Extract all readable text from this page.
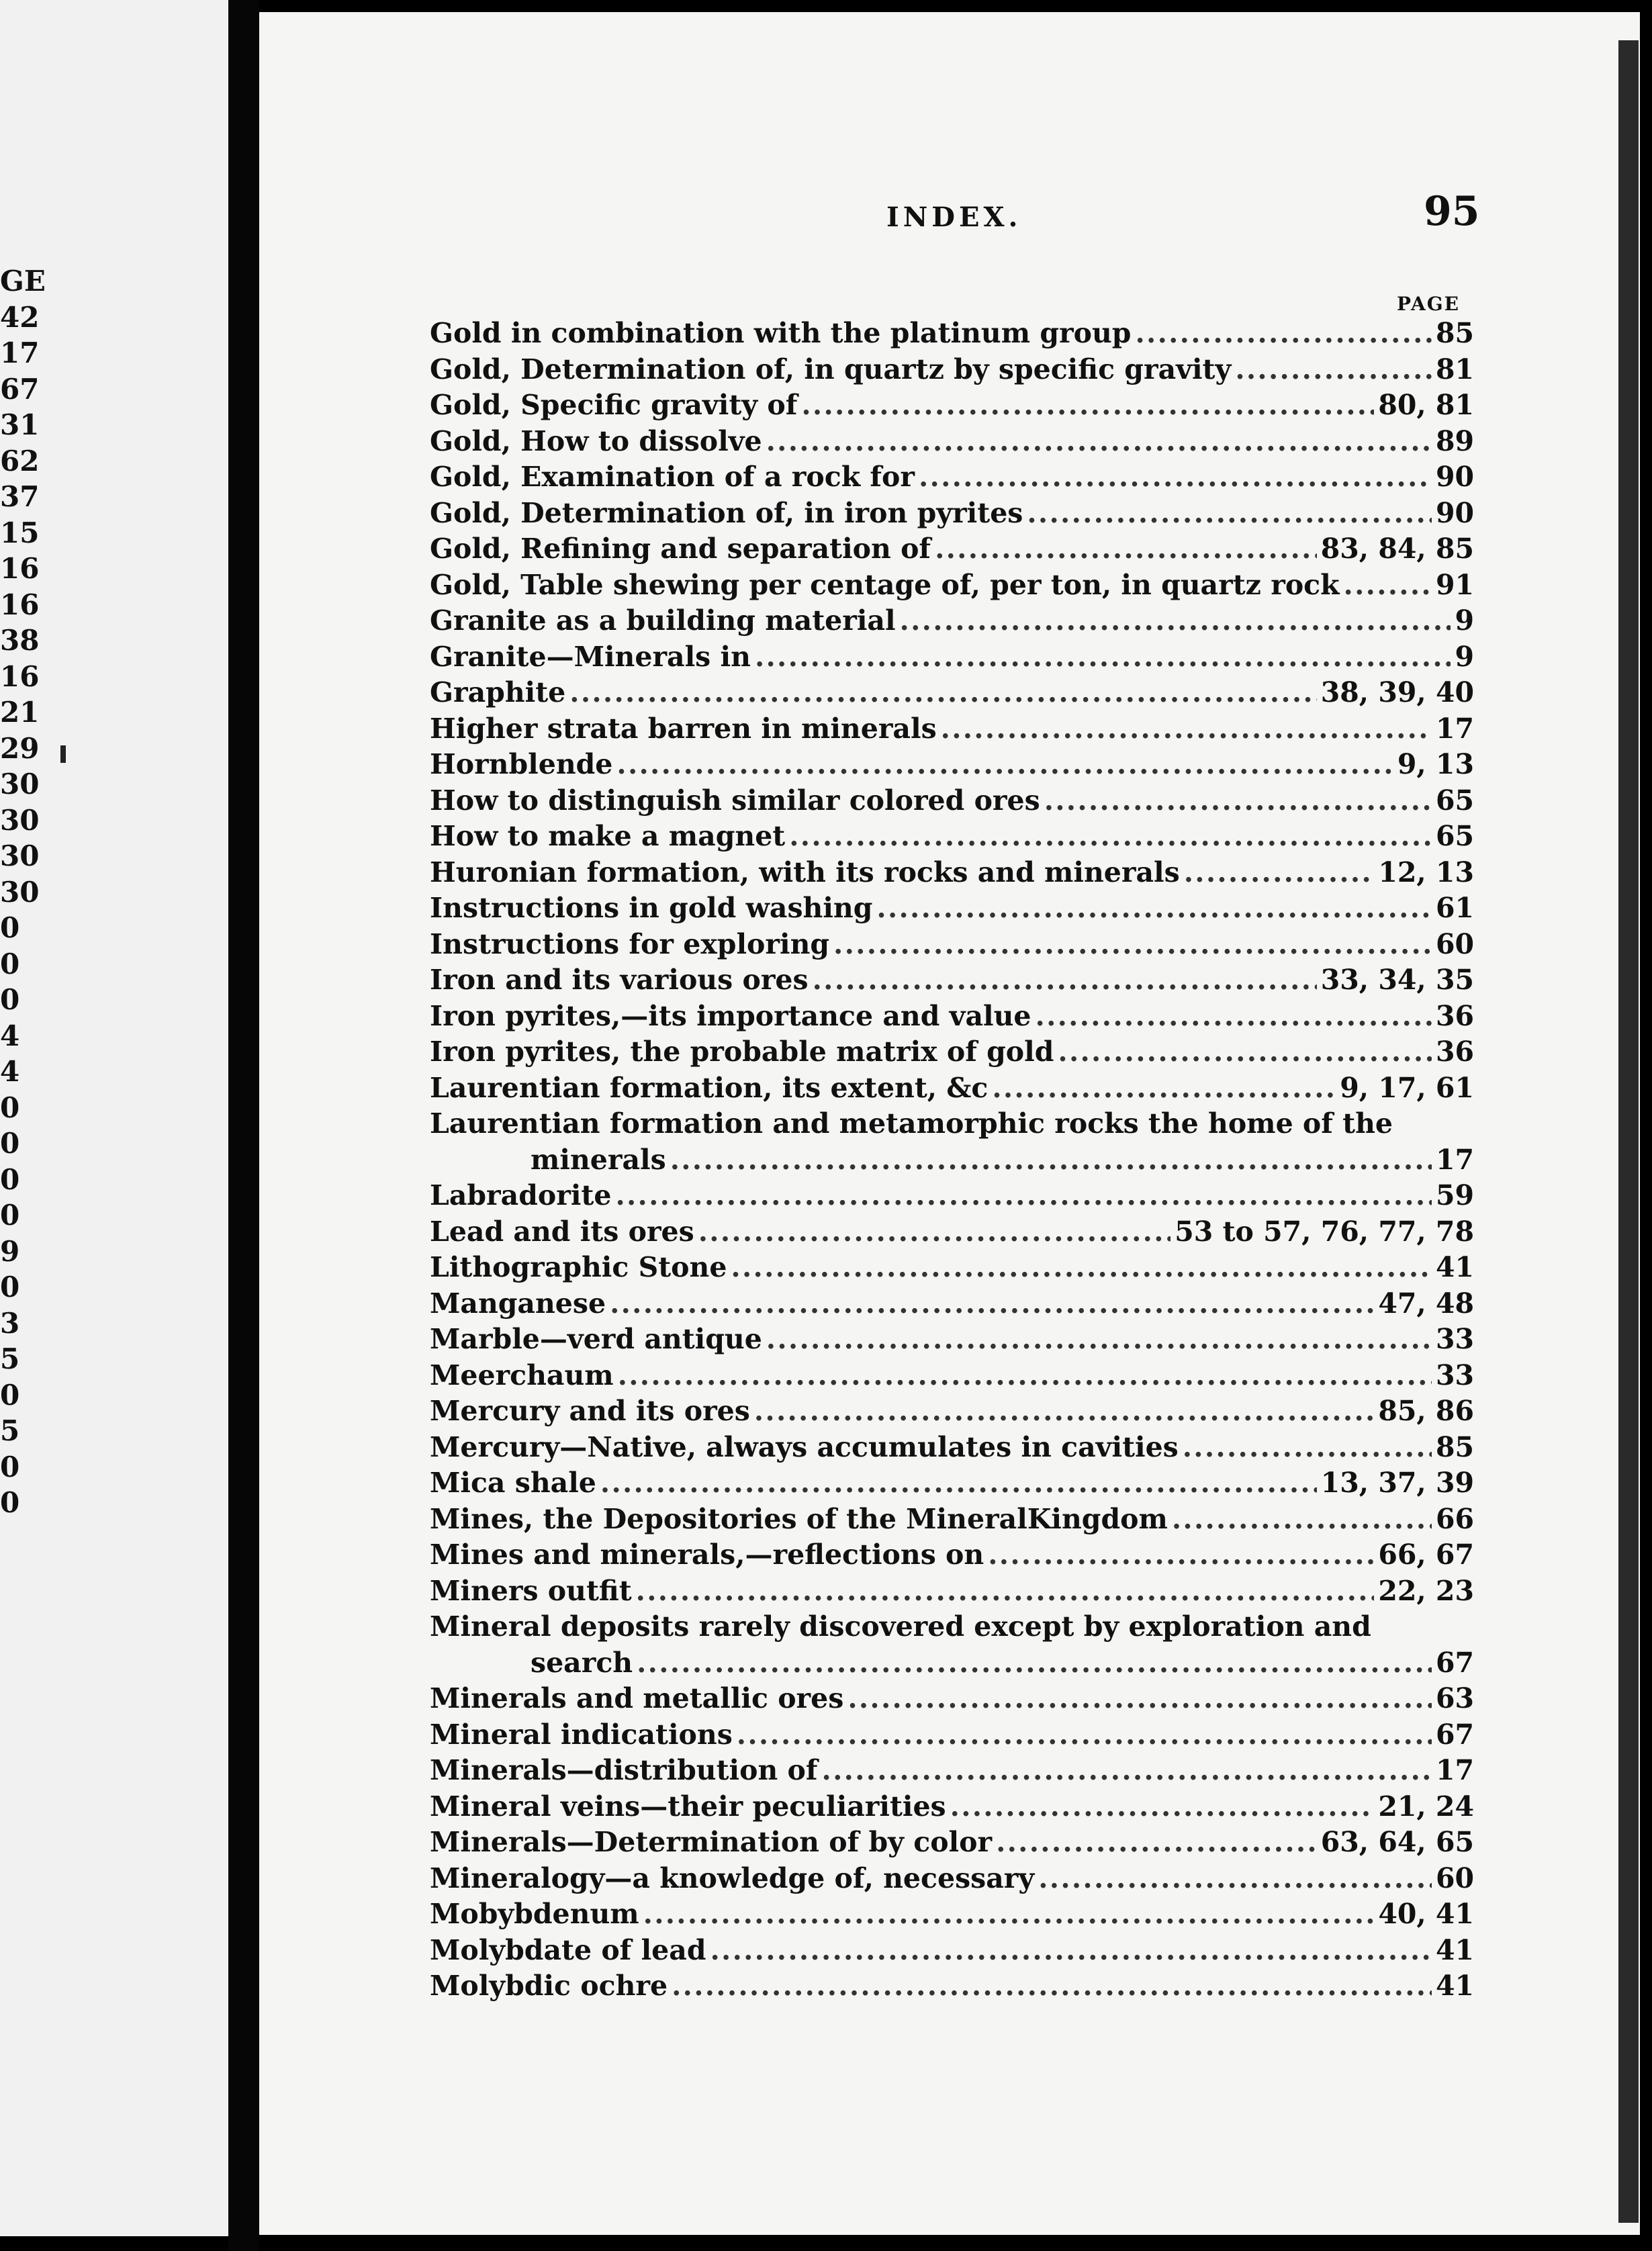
GE
42
17
67
31
62
37
15
16
16
38
16
21
29
30
30
30
30
0
0
0
4
4
0
0
0
0
9
0
3
5
0
5
0
0
INDEX.	95
PAGE
Gold in combination with the platinum group . . .	85
Gold, Determination of, in quartz by specific gravity . . .	81
Gold, Specific gravity of . . .	80, 81
Gold, How to dissolve . . .	89
Gold, Examination of a rock for . . .	90
Gold, Determination of, in iron pyrites . . .	90
Gold, Refining and separation of . . .	83, 84, 85
Gold, Table shewing per centage of, per ton, in quartz rock . . .	91
Granite as a building material . . .	9
Granite—Minerals in . . .	9
Graphite . . .	38, 39, 40
Higher strata barren in minerals . . .	17
Hornblende . . .	9, 13
How to distinguish similar colored ores . . .	65
How to make a magnet . . .	65
Huronian formation, with its rocks and minerals . . .	12, 13
Instructions in gold washing . . .	61
Instructions for exploring . . .	60
Iron and its various ores . . .	33, 34, 35
Iron pyrites,—its importance and value . . .	36
Iron pyrites, the probable matrix of gold . . .	36
Laurentian formation, its extent, &c . . .	9, 17, 61
Laurentian formation and metamorphic rocks the home of the
minerals . . .	17
Labradorite . . .	59
Lead and its ores . . .	53 to 57, 76, 77, 78
Lithographic Stone . . .	41
Manganese . . .	47, 48
Marble—verd antique . . .	33
Meerchaum . . .	33
Mercury and its ores . . .	85, 86
Mercury—Native, always accumulates in cavities . . .	85
Mica shale . . .	13, 37, 39
Mines, the Depositories of the MineralKingdom . . .	66
Mines and minerals,—reflections on . . .	66, 67
Miners outfit . . .	22, 23
Mineral deposits rarely discovered except by exploration and
search . . .	67
Minerals and metallic ores . . .	63
Mineral indications . . .	67
Minerals—distribution of . . .	17
Mineral veins—their peculiarities . . .	21, 24
Minerals—Determination of by color . . .	63, 64, 65
Mineralogy—a knowledge of, necessary . . .	60
Mobybdenum . . .	40, 41
Molybdate of lead . . .	41
Molybdic ochre . . .	41
